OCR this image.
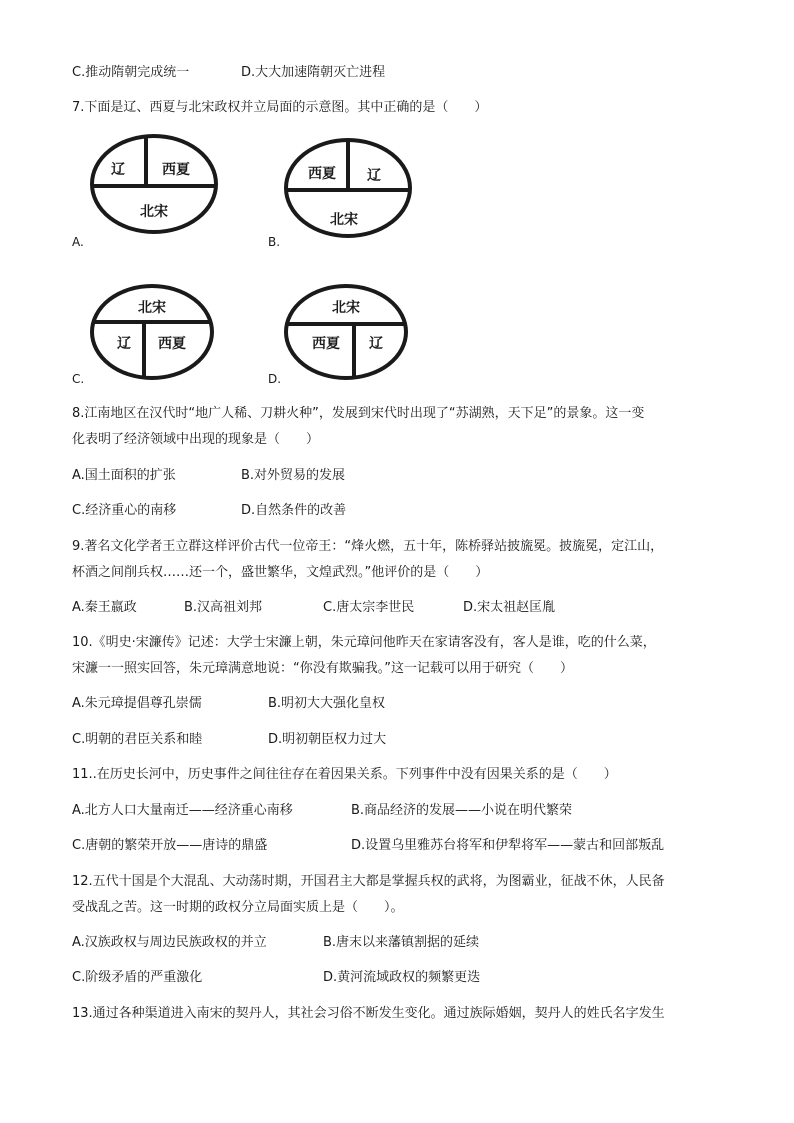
C.推动隋朝完成统一	D.大大加速隋朝灭亡进程
7.下面是辽、西夏与北宋政权并立局面的示意图。其中正确的是（　　）
辽	西夏
北宋
A.
西夏 辽
北宋
B.
北宋
辽 西夏
C.
北宋
西夏 辽
D.
8.江南地区在汉代时“地广人稀、刀耕火种”，发展到宋代时出现了“苏湖熟，天下足”的景象。这一变
化表明了经济领域中出现的现象是（　　）
A.国土面积的扩张	B.对外贸易的发展
C.经济重心的南移	D.自然条件的改善
9.著名文化学者王立群这样评价古代一位帝王：“烽火燃，五十年，陈桥驿站披旒冕。披旒冕，定江山，
杯酒之间削兵权……还一个，盛世繁华，文煌武烈。”他评价的是（　　）
A.秦王嬴政	B.汉高祖刘邦	C.唐太宗李世民	D.宋太祖赵匡胤
10.《明史·宋濂传》记述：大学士宋濂上朝，朱元璋问他昨天在家请客没有，客人是谁，吃的什么菜，
宋濂一一照实回答，朱元璋满意地说：“你没有欺骗我。”这一记载可以用于研究（　　）
A.朱元璋提倡尊孔崇儒	B.明初大大强化皇权
C.明朝的君臣关系和睦	D.明初朝臣权力过大
11..在历史长河中，历史事件之间往往存在着因果关系。下列事件中没有因果关系的是（　　）
A.北方人口大量南迁——经济重心南移	B.商品经济的发展——小说在明代繁荣
C.唐朝的繁荣开放——唐诗的鼎盛	D.设置乌里雅苏台将军和伊犁将军——蒙古和回部叛乱
12.五代十国是个大混乱、大动荡时期，开国君主大都是掌握兵权的武将，为图霸业，征战不休，人民备
受战乱之苦。这一时期的政权分立局面实质上是（　　）。
A.汉族政权与周边民族政权的并立	B.唐末以来藩镇割据的延续
C.阶级矛盾的严重激化	D.黄河流域政权的频繁更迭
13.通过各种渠道进入南宋的契丹人，其社会习俗不断发生变化。通过族际婚姻，契丹人的姓氏名字发生
